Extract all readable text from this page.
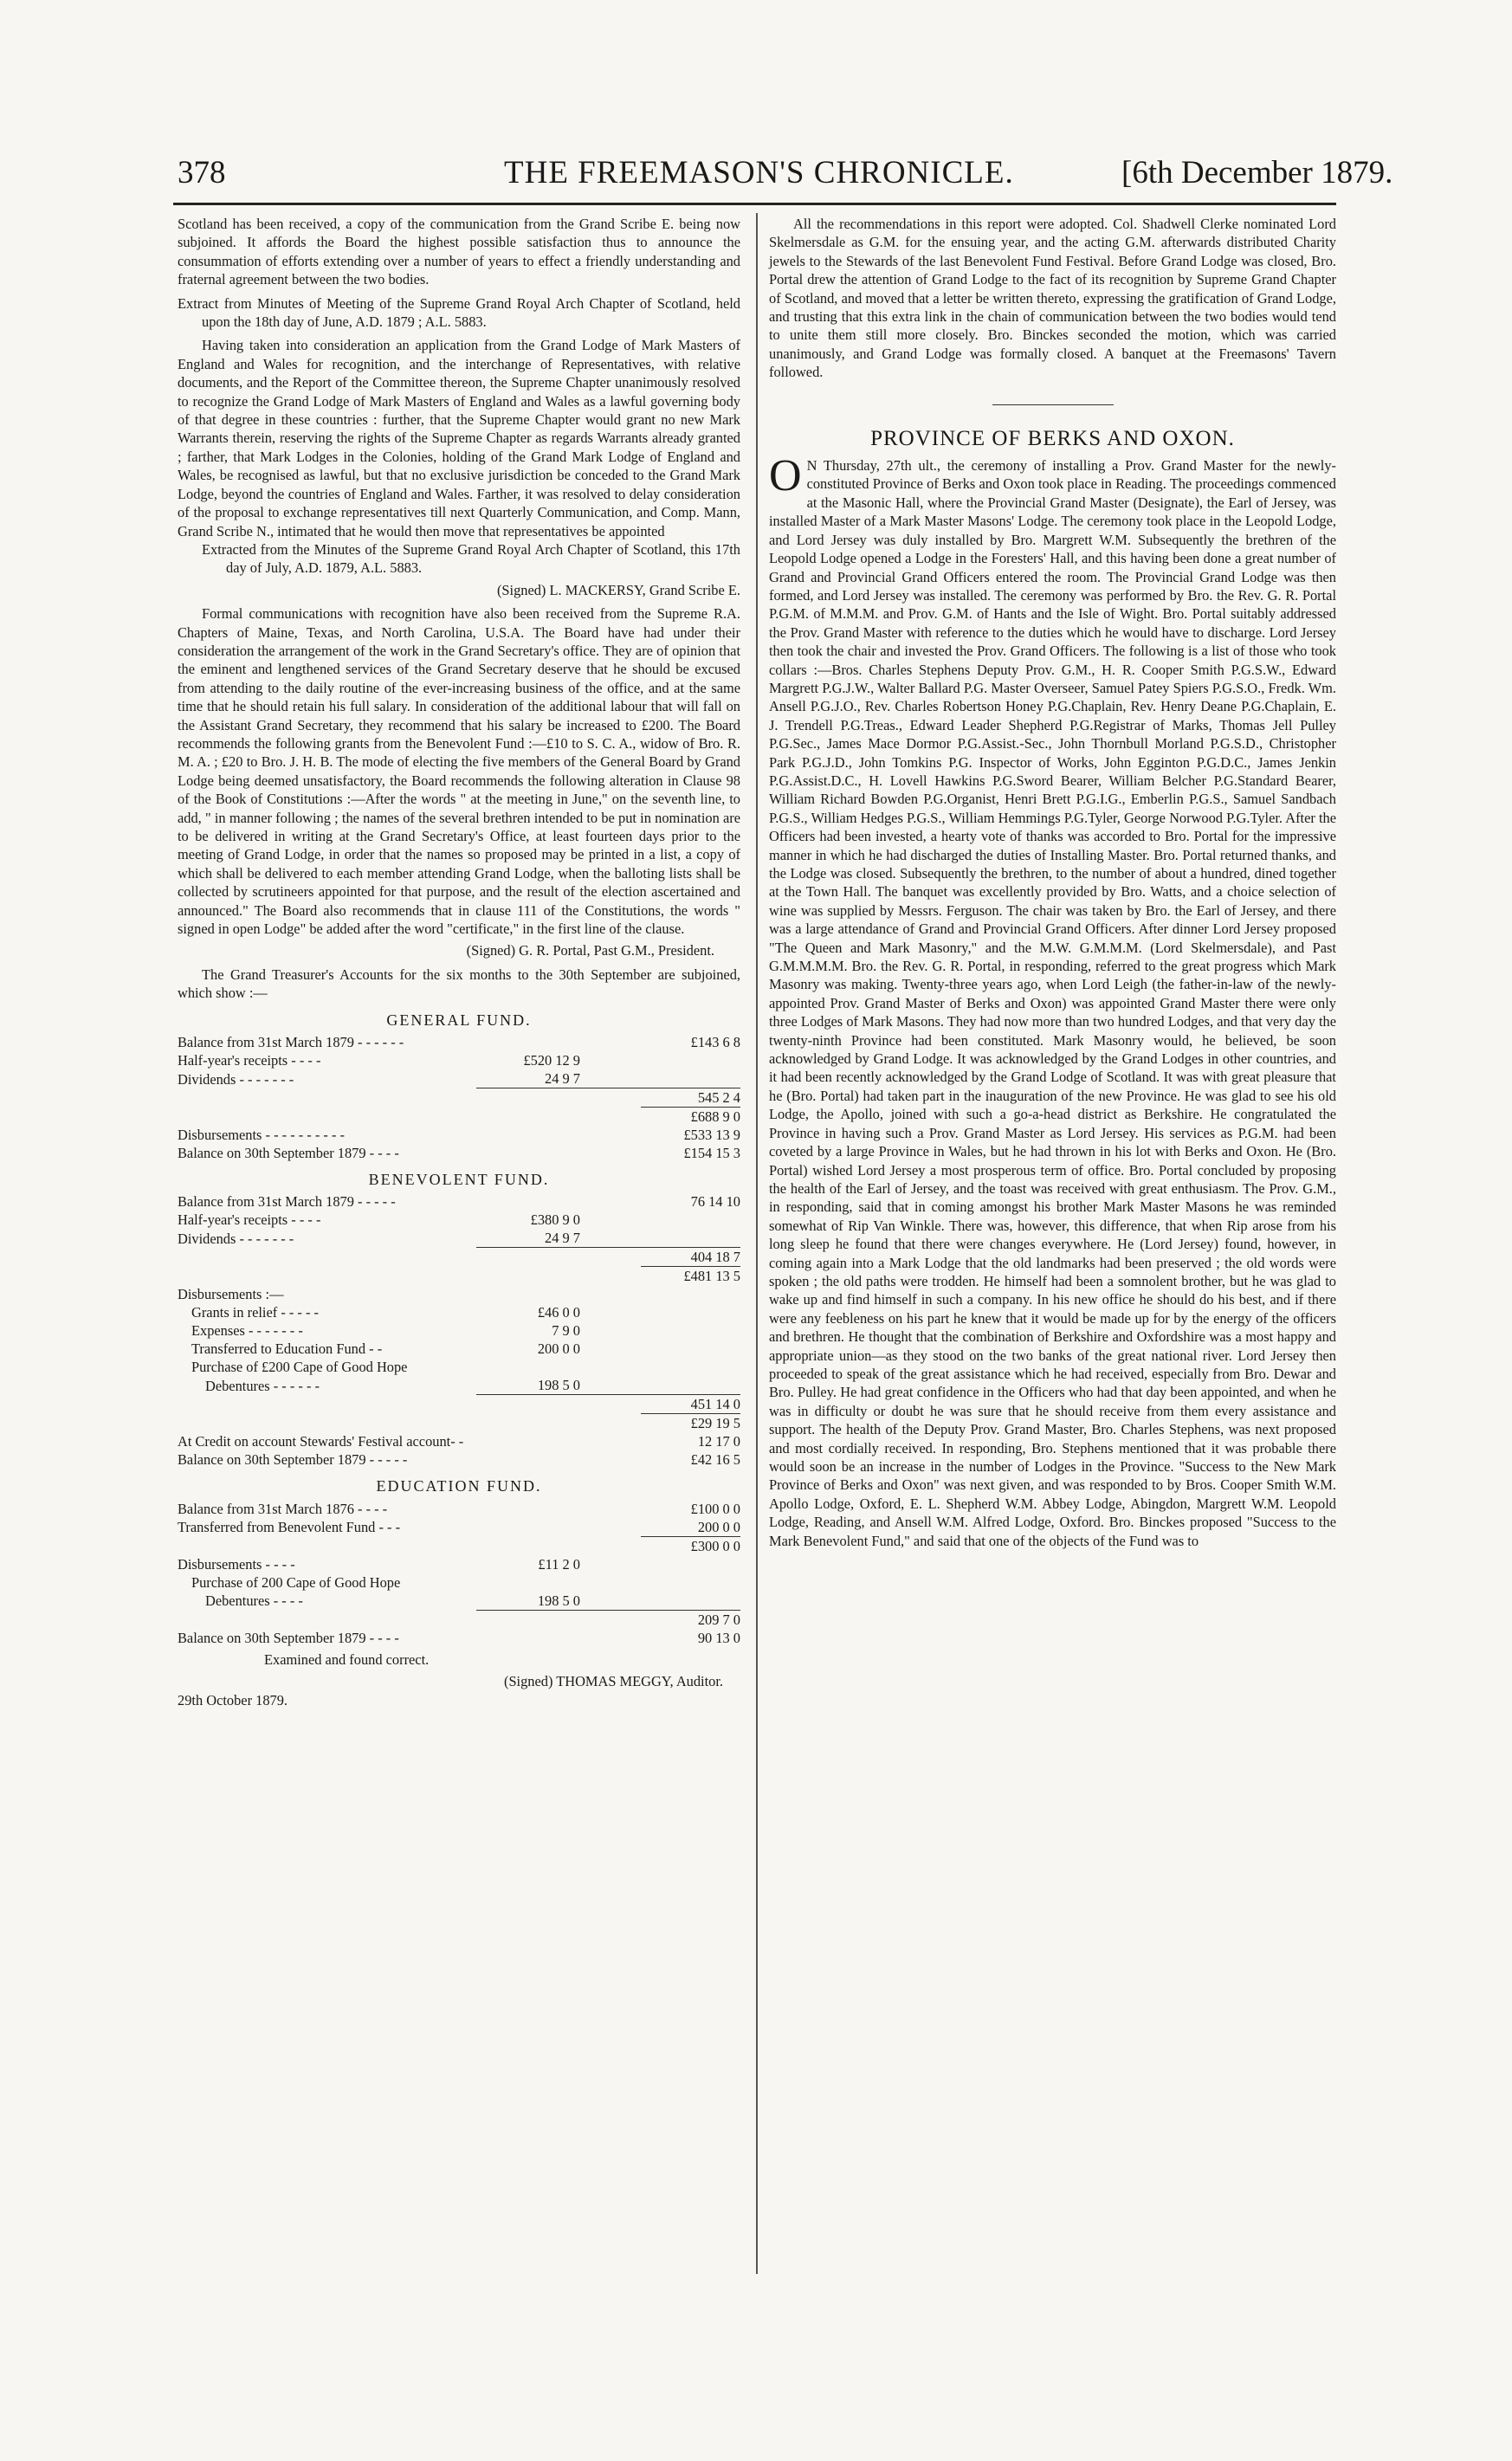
378	THE FREEMASON'S CHRONICLE.	[6th December 1879.

Scotland has been received, a copy of the communication from the Grand Scribe E. being now subjoined. It affords the Board the highest possible satisfaction thus to announce the consummation of efforts extending over a number of years to effect a friendly understanding and fraternal agreement between the two bodies.

Extract from Minutes of Meeting of the Supreme Grand Royal Arch Chapter of Scotland, held upon the 18th day of June, A.D. 1879 ; A.L. 5883.

Having taken into consideration an application from the Grand Lodge of Mark Masters of England and Wales for recognition, and the interchange of Representatives, with relative documents, and the Report of the Committee thereon, the Supreme Chapter unanimously resolved to recognize the Grand Lodge of Mark Masters of England and Wales as a lawful governing body of that degree in these countries : further, that the Supreme Chapter would grant no new Mark Warrants therein, reserving the rights of the Supreme Chapter as regards Warrants already granted ; farther, that Mark Lodges in the Colonies, holding of the Grand Mark Lodge of England and Wales, be recognised as lawful, but that no exclusive jurisdiction be conceded to the Grand Mark Lodge, beyond the countries of England and Wales. Farther, it was resolved to delay consideration of the proposal to exchange representatives till next Quarterly Communication, and Comp. Mann, Grand Scribe N., intimated that he would then move that representatives be appointed

Extracted from the Minutes of the Supreme Grand Royal Arch Chapter of Scotland, this 17th day of July, A.D. 1879, A.L. 5883.

(Signed) L. MACKERSY, Grand Scribe E.

Formal communications with recognition have also been received from the Supreme R.A. Chapters of Maine, Texas, and North Carolina, U.S.A. The Board have had under their consideration the arrangement of the work in the Grand Secretary's office. They are of opinion that the eminent and lengthened services of the Grand Secretary deserve that he should be excused from attending to the daily routine of the ever-increasing business of the office, and at the same time that he should retain his full salary. In consideration of the additional labour that will fall on the Assistant Grand Secretary, they recommend that his salary be increased to £200. The Board recommends the following grants from the Benevolent Fund :—£10 to S. C. A., widow of Bro. R. M. A. ; £20 to Bro. J. H. B. The mode of electing the five members of the General Board by Grand Lodge being deemed unsatisfactory, the Board recommends the following alteration in Clause 98 of the Book of Constitutions :—After the words " at the meeting in June," on the seventh line, to add, " in manner following ; the names of the several brethren intended to be put in nomination are to be delivered in writing at the Grand Secretary's Office, at least fourteen days prior to the meeting of Grand Lodge, in order that the names so proposed may be printed in a list, a copy of which shall be delivered to each member attending Grand Lodge, when the balloting lists shall be collected by scrutineers appointed for that purpose, and the result of the election ascertained and announced." The Board also recommends that in clause 111 of the Constitutions, the words " signed in open Lodge" be added after the word "certificate," in the first line of the clause.

(Signed) G. R. Portal, Past G.M., President.

The Grand Treasurer's Accounts for the six months to the 30th September are subjoined, which show :—

GENERAL FUND.
Balance from 31st March 1879 - - - - - -		£143 6 8
Half-year's receipts - - - -	£520 12 9	
Dividends - - - - - - -	24 9 7	
		545 2 4
		£688 9 0
Disbursements - - - - - - - - - -		£533 13 9
Balance on 30th September 1879 - - - -		£154 15 3
BENEVOLENT FUND.
Balance from 31st March 1879 - - - - -		76 14 10
Half-year's receipts - - - -	£380 9 0	
Dividends - - - - - - -	24 9 7	
		404 18 7
		£481 13 5
Disbursements :—		
Grants in relief - - - - -	£46 0 0	
Expenses - - - - - - -	7 9 0	
Transferred to Education Fund - -	200 0 0	
Purchase of £200 Cape of Good Hope		
Debentures - - - - - -	198 5 0	
		451 14 0
		£29 19 5
At Credit on account Stewards' Festival account- -		12 17 0
Balance on 30th September 1879 - - - - -		£42 16 5
EDUCATION FUND.
Balance from 31st March 1876 - - - -		£100 0 0
Transferred from Benevolent Fund - - -		200 0 0
		£300 0 0
Disbursements - - - -	£11 2 0	
Purchase of 200 Cape of Good Hope		
Debentures - - - -	198 5 0	
		209 7 0
Balance on 30th September 1879 - - - -		90 13 0

Examined and found correct.

(Signed) THOMAS MEGGY, Auditor.

29th October 1879.

All the recommendations in this report were adopted. Col. Shadwell Clerke nominated Lord Skelmersdale as G.M. for the ensuing year, and the acting G.M. afterwards distributed Charity jewels to the Stewards of the last Benevolent Fund Festival. Before Grand Lodge was closed, Bro. Portal drew the attention of Grand Lodge to the fact of its recognition by Supreme Grand Chapter of Scotland, and moved that a letter be written thereto, expressing the gratification of Grand Lodge, and trusting that this extra link in the chain of communication between the two bodies would tend to unite them still more closely. Bro. Binckes seconded the motion, which was carried unanimously, and Grand Lodge was formally closed. A banquet at the Freemasons' Tavern followed.

PROVINCE OF BERKS AND OXON.

O N Thursday, 27th ult., the ceremony of installing a Prov. Grand Master for the newly-constituted Province of Berks and Oxon took place in Reading. The proceedings commenced at the Masonic Hall, where the Provincial Grand Master (Designate), the Earl of Jersey, was installed Master of a Mark Master Masons' Lodge. The ceremony took place in the Leopold Lodge, and Lord Jersey was duly installed by Bro. Margrett W.M. Subsequently the brethren of the Leopold Lodge opened a Lodge in the Foresters' Hall, and this having been done a great number of Grand and Provincial Grand Officers entered the room. The Provincial Grand Lodge was then formed, and Lord Jersey was installed. The ceremony was performed by Bro. the Rev. G. R. Portal P.G.M. of M.M.M. and Prov. G.M. of Hants and the Isle of Wight. Bro. Portal suitably addressed the Prov. Grand Master with reference to the duties which he would have to discharge. Lord Jersey then took the chair and invested the Prov. Grand Officers. The following is a list of those who took collars :—Bros. Charles Stephens Deputy Prov. G.M., H. R. Cooper Smith P.G.S.W., Edward Margrett P.G.J.W., Walter Ballard P.G. Master Overseer, Samuel Patey Spiers P.G.S.O., Fredk. Wm. Ansell P.G.J.O., Rev. Charles Robertson Honey P.G.Chaplain, Rev. Henry Deane P.G.Chaplain, E. J. Trendell P.G.Treas., Edward Leader Shepherd P.G.Registrar of Marks, Thomas Jell Pulley P.G.Sec., James Mace Dormor P.G.Assist.-Sec., John Thornbull Morland P.G.S.D., Christopher Park P.G.J.D., John Tomkins P.G. Inspector of Works, John Egginton P.G.D.C., James Jenkin P.G.Assist.D.C., H. Lovell Hawkins P.G.Sword Bearer, William Belcher P.G.Standard Bearer, William Richard Bowden P.G.Organist, Henri Brett P.G.I.G., Emberlin P.G.S., Samuel Sandbach P.G.S., William Hedges P.G.S., William Hemmings P.G.Tyler, George Norwood P.G.Tyler. After the Officers had been invested, a hearty vote of thanks was accorded to Bro. Portal for the impressive manner in which he had discharged the duties of Installing Master. Bro. Portal returned thanks, and the Lodge was closed. Subsequently the brethren, to the number of about a hundred, dined together at the Town Hall. The banquet was excellently provided by Bro. Watts, and a choice selection of wine was supplied by Messrs. Ferguson. The chair was taken by Bro. the Earl of Jersey, and there was a large attendance of Grand and Provincial Grand Officers. After dinner Lord Jersey proposed "The Queen and Mark Masonry," and the M.W. G.M.M.M. (Lord Skelmersdale), and Past G.M.M.M.M. Bro. the Rev. G. R. Portal, in responding, referred to the great progress which Mark Masonry was making. Twenty-three years ago, when Lord Leigh (the father-in-law of the newly-appointed Prov. Grand Master of Berks and Oxon) was appointed Grand Master there were only three Lodges of Mark Masons. They had now more than two hundred Lodges, and that very day the twenty-ninth Province had been constituted. Mark Masonry would, he believed, be soon acknowledged by Grand Lodge. It was acknowledged by the Grand Lodges in other countries, and it had been recently acknowledged by the Grand Lodge of Scotland. It was with great pleasure that he (Bro. Portal) had taken part in the inauguration of the new Province. He was glad to see his old Lodge, the Apollo, joined with such a go-a-head district as Berkshire. He congratulated the Province in having such a Prov. Grand Master as Lord Jersey. His services as P.G.M. had been coveted by a large Province in Wales, but he had thrown in his lot with Berks and Oxon. He (Bro. Portal) wished Lord Jersey a most prosperous term of office. Bro. Portal concluded by proposing the health of the Earl of Jersey, and the toast was received with great enthusiasm. The Prov. G.M., in responding, said that in coming amongst his brother Mark Master Masons he was reminded somewhat of Rip Van Winkle. There was, however, this difference, that when Rip arose from his long sleep he found that there were changes everywhere. He (Lord Jersey) found, however, in coming again into a Mark Lodge that the old landmarks had been preserved ; the old words were spoken ; the old paths were trodden. He himself had been a somnolent brother, but he was glad to wake up and find himself in such a company. In his new office he should do his best, and if there were any feebleness on his part he knew that it would be made up for by the energy of the officers and brethren. He thought that the combination of Berkshire and Oxfordshire was a most happy and appropriate union—as they stood on the two banks of the great national river. Lord Jersey then proceeded to speak of the great assistance which he had received, especially from Bro. Dewar and Bro. Pulley. He had great confidence in the Officers who had that day been appointed, and when he was in difficulty or doubt he was sure that he should receive from them every assistance and support. The health of the Deputy Prov. Grand Master, Bro. Charles Stephens, was next proposed and most cordially received. In responding, Bro. Stephens mentioned that it was probable there would soon be an increase in the number of Lodges in the Province. "Success to the New Mark Province of Berks and Oxon" was next given, and was responded to by Bros. Cooper Smith W.M. Apollo Lodge, Oxford, E. L. Shepherd W.M. Abbey Lodge, Abingdon, Margrett W.M. Leopold Lodge, Reading, and Ansell W.M. Alfred Lodge, Oxford. Bro. Binckes proposed "Success to the Mark Benevolent Fund," and said that one of the objects of the Fund was to
